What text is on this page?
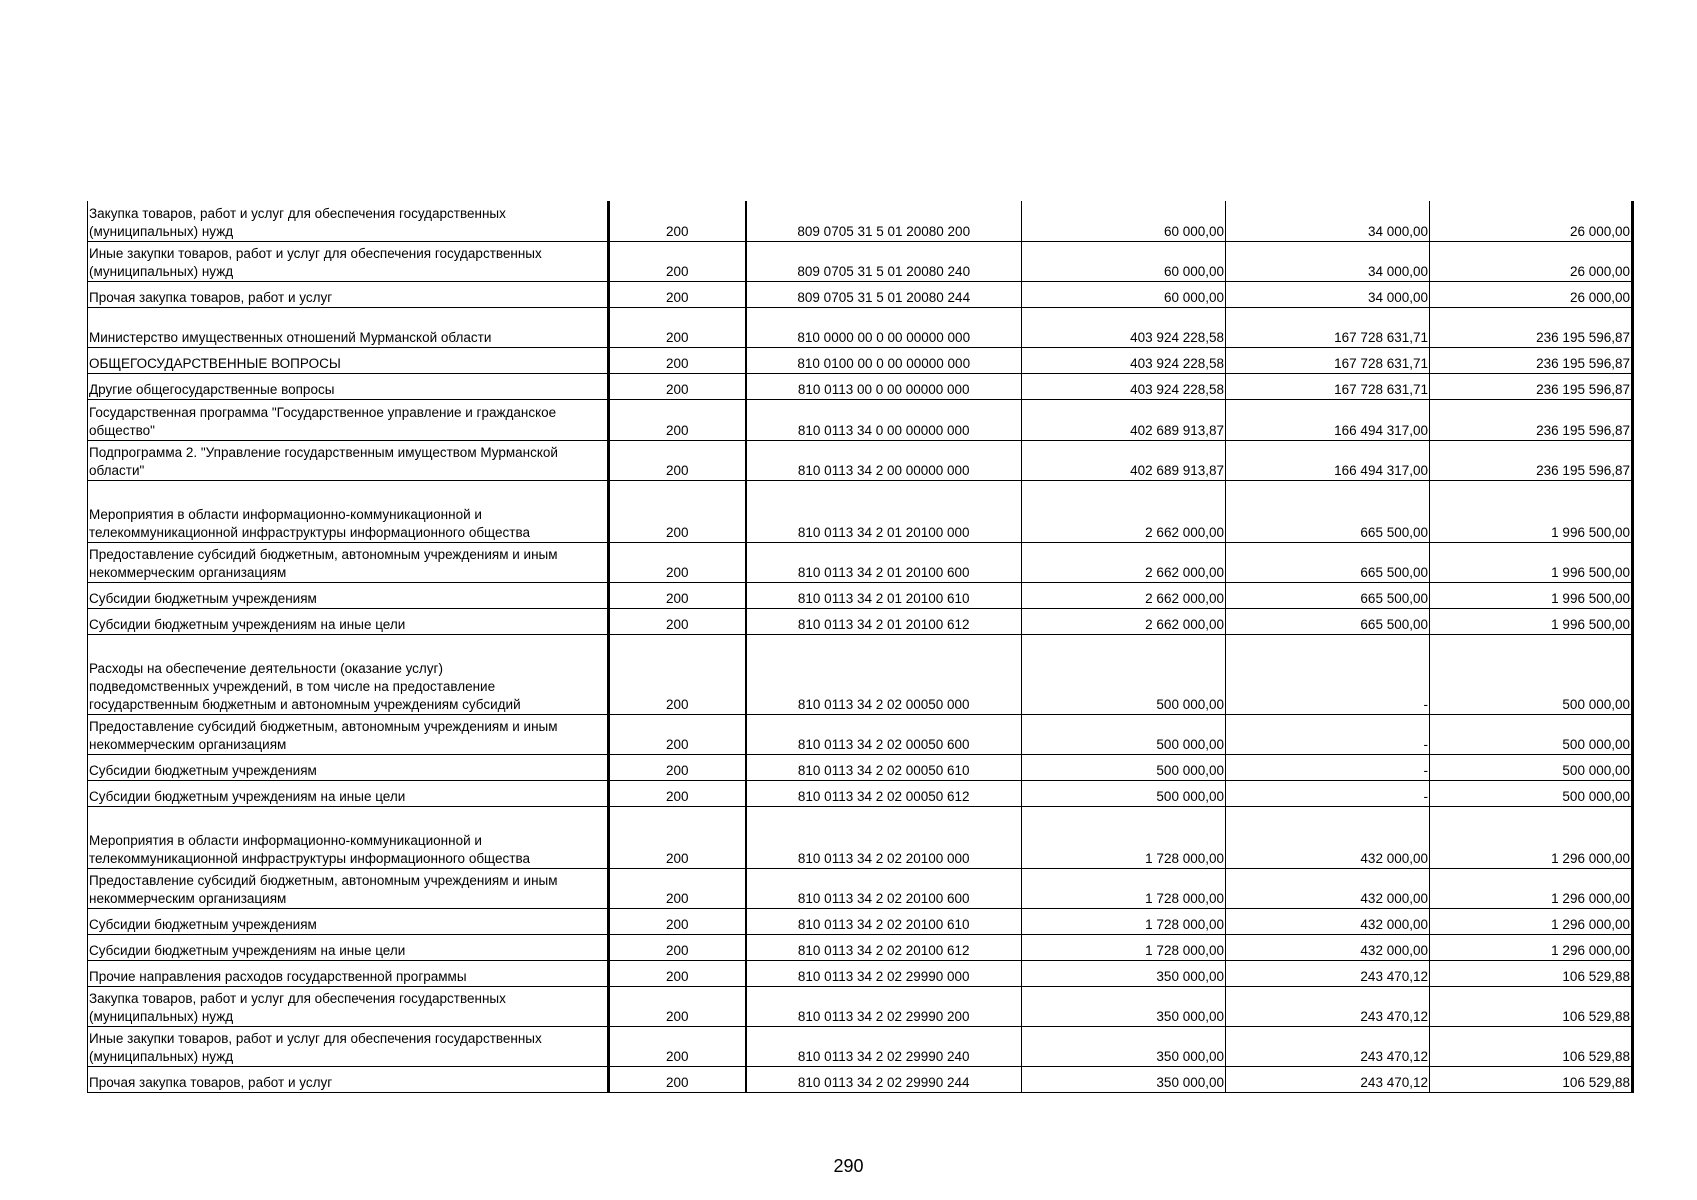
Закупка товаров, работ и услуг для обеспечения государственных
(муниципальных) нужд	200	809 0705 31 5 01 20080 200	60 000,00	34 000,00	26 000,00
Иные закупки товаров, работ и услуг для обеспечения государственных
(муниципальных) нужд	200	809 0705 31 5 01 20080 240	60 000,00	34 000,00	26 000,00
Прочая закупка товаров, работ и услуг	200	809 0705 31 5 01 20080 244	60 000,00	34 000,00	26 000,00
Министерство имущественных отношений Мурманской области	200	810 0000 00 0 00 00000 000	403 924 228,58	167 728 631,71	236 195 596,87
ОБЩЕГОСУДАРСТВЕННЫЕ ВОПРОСЫ	200	810 0100 00 0 00 00000 000	403 924 228,58	167 728 631,71	236 195 596,87
Другие общегосударственные вопросы	200	810 0113 00 0 00 00000 000	403 924 228,58	167 728 631,71	236 195 596,87
Государственная программа "Государственное управление и гражданское
общество"	200	810 0113 34 0 00 00000 000	402 689 913,87	166 494 317,00	236 195 596,87
Подпрограмма 2. "Управление государственным имуществом Мурманской
области"	200	810 0113 34 2 00 00000 000	402 689 913,87	166 494 317,00	236 195 596,87
Мероприятия в области информационно-коммуникационной и
телекоммуникационной инфраструктуры информационного общества	200	810 0113 34 2 01 20100 000	2 662 000,00	665 500,00	1 996 500,00
Предоставление субсидий бюджетным, автономным учреждениям и иным
некоммерческим организациям	200	810 0113 34 2 01 20100 600	2 662 000,00	665 500,00	1 996 500,00
Субсидии бюджетным учреждениям	200	810 0113 34 2 01 20100 610	2 662 000,00	665 500,00	1 996 500,00
Субсидии бюджетным учреждениям на иные цели	200	810 0113 34 2 01 20100 612	2 662 000,00	665 500,00	1 996 500,00
Расходы на обеспечение деятельности (оказание услуг)
подведомственных учреждений, в том числе на предоставление
государственным бюджетным и автономным учреждениям субсидий	200	810 0113 34 2 02 00050 000	500 000,00	-	500 000,00
Предоставление субсидий бюджетным, автономным учреждениям и иным
некоммерческим организациям	200	810 0113 34 2 02 00050 600	500 000,00	-	500 000,00
Субсидии бюджетным учреждениям	200	810 0113 34 2 02 00050 610	500 000,00	-	500 000,00
Субсидии бюджетным учреждениям на иные цели	200	810 0113 34 2 02 00050 612	500 000,00	-	500 000,00
Мероприятия в области информационно-коммуникационной и
телекоммуникационной инфраструктуры информационного общества	200	810 0113 34 2 02 20100 000	1 728 000,00	432 000,00	1 296 000,00
Предоставление субсидий бюджетным, автономным учреждениям и иным
некоммерческим организациям	200	810 0113 34 2 02 20100 600	1 728 000,00	432 000,00	1 296 000,00
Субсидии бюджетным учреждениям	200	810 0113 34 2 02 20100 610	1 728 000,00	432 000,00	1 296 000,00
Субсидии бюджетным учреждениям на иные цели	200	810 0113 34 2 02 20100 612	1 728 000,00	432 000,00	1 296 000,00
Прочие направления расходов государственной программы	200	810 0113 34 2 02 29990 000	350 000,00	243 470,12	106 529,88
Закупка товаров, работ и услуг для обеспечения государственных
(муниципальных) нужд	200	810 0113 34 2 02 29990 200	350 000,00	243 470,12	106 529,88
Иные закупки товаров, работ и услуг для обеспечения государственных
(муниципальных) нужд	200	810 0113 34 2 02 29990 240	350 000,00	243 470,12	106 529,88
Прочая закупка товаров, работ и услуг	200	810 0113 34 2 02 29990 244	350 000,00	243 470,12	106 529,88
290
